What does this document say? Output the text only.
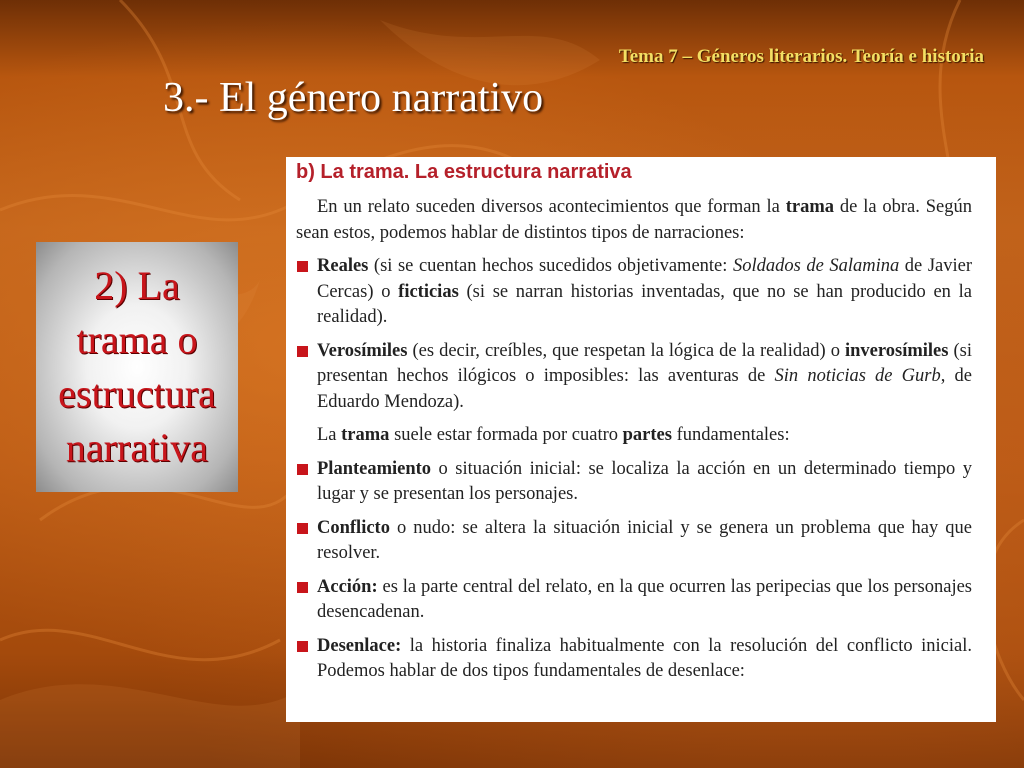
Tema 7 – Géneros literarios. Teoría e historia
3.- El género narrativo
2) La
trama o
estructura
narrativa
b) La trama. La estructura narrativa

En un relato suceden diversos acontecimientos que forman la trama de la obra. Según sean estos, podemos hablar de distintos tipos de narraciones:

Reales (si se cuentan hechos sucedidos objetivamente: Soldados de Salamina de Javier Cercas) o ficticias (si se narran historias inventadas, que no se han producido en la realidad).

Verosímiles (es decir, creíbles, que respetan la lógica de la realidad) o inverosímiles (si presentan hechos ilógicos o imposibles: las aventuras de Sin noticias de Gurb, de Eduardo Mendoza).

La trama suele estar formada por cuatro partes fundamentales:

Planteamiento o situación inicial: se localiza la acción en un determinado tiempo y lugar y se presentan los personajes.

Conflicto o nudo: se altera la situación inicial y se genera un problema que hay que resolver.

Acción: es la parte central del relato, en la que ocurren las peripecias que los personajes desencadenan.

Desenlace: la historia finaliza habitualmente con la resolución del conflicto inicial. Podemos hablar de dos tipos fundamentales de desenlace:
